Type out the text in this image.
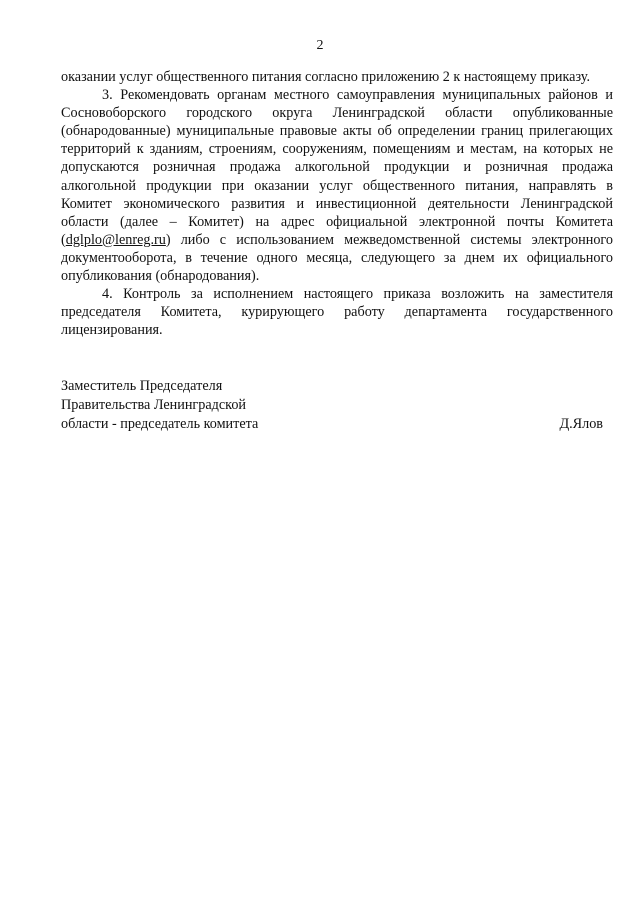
2

оказании услуг общественного питания согласно приложению 2 к настоящему приказу.

3. Рекомендовать органам местного самоуправления муниципальных районов и Сосновоборского городского округа Ленинградской области опубликованные (обнародованные) муниципальные правовые акты об определении границ прилегающих территорий к зданиям, строениям, сооружениям, помещениям и местам, на которых не допускаются розничная продажа алкогольной продукции и розничная продажа алкогольной продукции при оказании услуг общественного питания, направлять в Комитет экономического развития и инвестиционной деятельности Ленинградской области (далее – Комитет) на адрес официальной электронной почты Комитета (dglplo@lenreg.ru) либо с использованием межведомственной системы электронного документооборота, в течение одного месяца, следующего за днем их официального опубликования (обнародования).

4. Контроль за исполнением настоящего приказа возложить на заместителя председателя Комитета, курирующего работу департамента государственного лицензирования.

Заместитель Председателя
Правительства Ленинградской
области - председатель комитета	Д.Ялов
